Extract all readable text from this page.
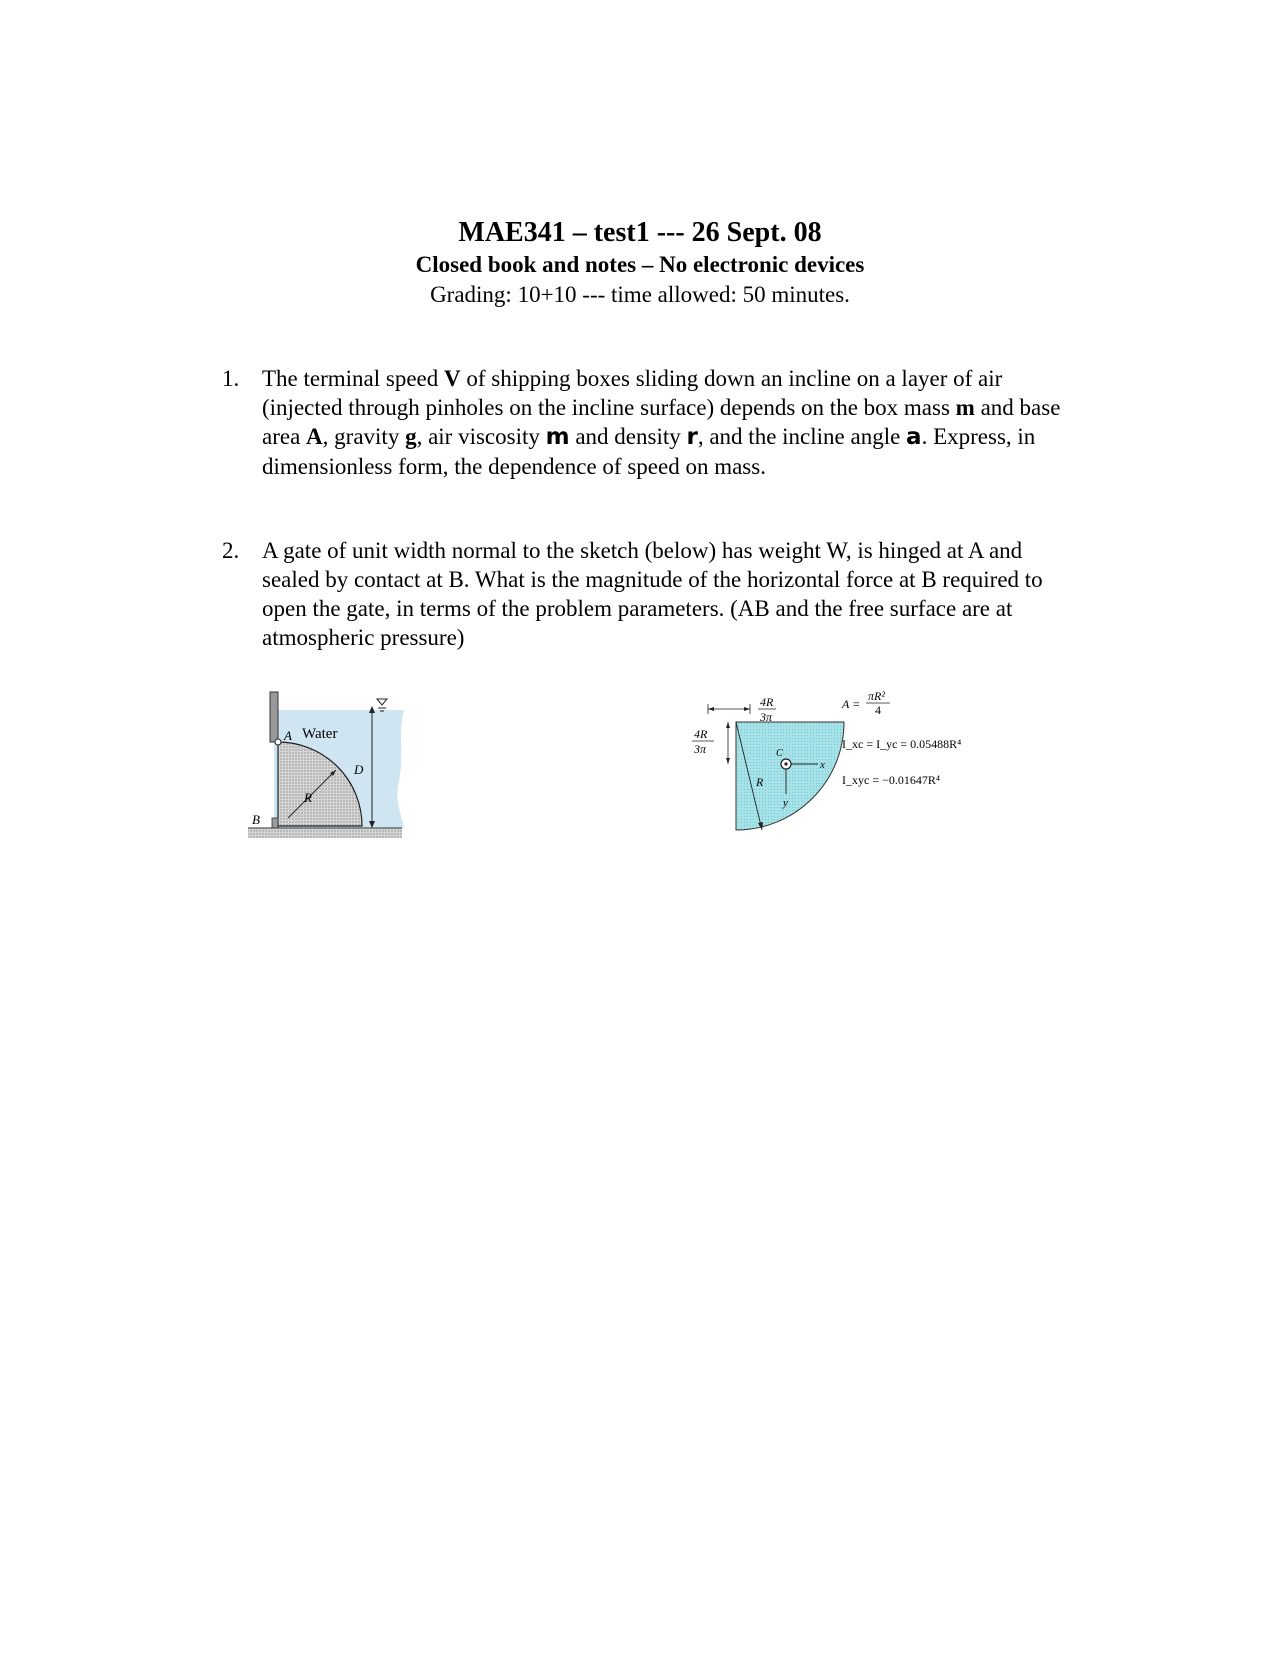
MAE341 – test1 --- 26 Sept. 08

Closed book and notes – No electronic devices

Grading: 10+10 --- time allowed: 50 minutes.

1. The terminal speed V of shipping boxes sliding down an incline on a layer of air (injected through pinholes on the incline surface) depends on the box mass m and base area A, gravity g, air viscosity m and density r, and the incline angle a. Express, in dimensionless form, the dependence of speed on mass.
2. A gate of unit width normal to the sketch (below) has weight W, is hinged at A and sealed by contact at B. What is the magnitude of the horizontal force at B required to open the gate, in terms of the problem parameters. (AB and the free surface are at atmospheric pressure)
Water
A
B
R
D
4R
3π
4R
3π	C
x
y
R
A =
πR²
4
I_xc = I_yc = 0.05488R⁴
I_xyc = −0.01647R⁴
